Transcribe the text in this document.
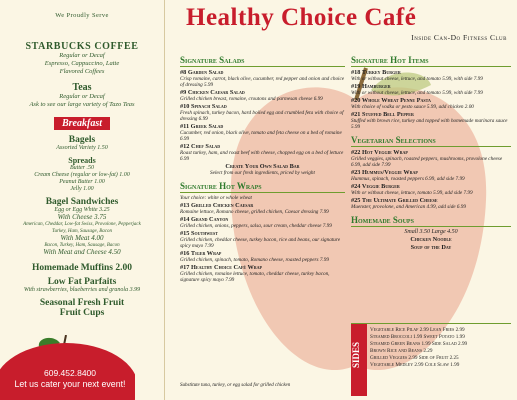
We Proudly Serve
STARBUCKS COFFEE
Regular or Decaf
Espresso, Cappuccino, Latte
Flavored Coffees
Teas
Regular or Decaf
Ask to see our large variety of Tazo Teas
Breakfast
Bagels
Assorted Variety 1.50
Spreads
Butter .50
Cream Cheese (regular or low-fat) 1.00
Peanut Butter 1.00
Jelly 1.00
Bagel Sandwiches
Egg or Egg White 3.25
With Cheese 3.75
American, Cheddar, Low-fat Swiss, Provolone, Pepperjack
Turkey, Ham, Sausage, Bacon
With Meat 4.00
Bacon, Turkey, Ham, Sausage, Bacon
With Meat and Cheese 4.50
Homemade Muffins 2.00
Low Fat Parfaits
With strawberries, blueberries and granola 3.99
Seasonal Fresh Fruit
Fruit Cups
609.452.8400
Let us cater your next event!
Healthy Choice Café
Inside Can-Do Fitness Club
Signature Salads
#8 Garden Salad
Crisp romaine, carrot, black olive, cucumber, red pepper and onion and choice of dressing 5.99
#9 Chicken Caesar Salad
Grilled chicken breast, romaine, croutons and parmesan cheese 6.99
#10 Spinach Salad
Fresh spinach, turkey bacon, hard boiled egg and crumbled feta with choice of dressing 6.99
#11 Greek Salad
Cucumber, red onion, black olive, tomato and feta cheese on a bed of romaine 6.99
#12 Chef Salad
Roast turkey, ham, and roast beef with cheese, chopped egg on a bed of lettuce 6.99
Create Your Own Salad Bar
Select from our fresh ingredients, priced by weight
Signature Hot Wraps
Your choice: white or whole wheat
#13 Grilled Chicken Caesar
Romaine lettuce, Romano cheese, grilled chicken, Caesar dressing 7.99
#14 Grand Canyon
Grilled chicken, onions, peppers, salsa, sour cream, cheddar cheese 7.99
#15 Southwest
Grilled chicken, cheddar cheese, turkey bacon, rice and beans, our signature spicy mayo 7.99
#16 Tiger Wrap
Grilled chicken, spinach, tomato, Romano cheese, roasted peppers 7.99
#17 Healthy Choice Café Wrap
Grilled chicken, romaine lettuce, tomato, cheddar cheese, turkey bacon, signature spicy mayo 7.99
Substitute tuna, turkey, or egg salad for grilled chicken
Signature Hot Items
#18 Turkey Burger
With or without cheese, lettuce, and tomato 5.99, with side 7.99
#19 Hamburger
With or without cheese, lettuce, and tomato 5.99, with side 7.99
#20 Whole Wheat Penne Pasta
With choice of vodka or pesto sauce 5.99, add chicken 2.00
#21 Stuffed Bell Pepper
Stuffed with brown rice, turkey and topped with homemade marinara sauce 5.99
Vegetarian Selections
#22 Hot Veggie Wrap
Grilled veggies, spinach, roasted peppers, mushrooms, provolone cheese 6.99, add side 7.99
#23 Hummus/Veggie Wrap
Hummus, spinach, roasted peppers 6.99, add side 7.99
#24 Veggie Burger
With or without cheese, lettuce, tomato 5.99, add side 7.99
#25 The Ultimate Grilled Cheese
Muenster, provolone, and American 4.99, add side 6.99
Homemade Soups
Small 3.50 Large 4.50
Chicken Noodle
Soup of the Day
SIDES
Vegetable Rice Pilaf 2.99 Lean Fries 2.99
Steamed Broccoli 1.99 Sweet Potato 1.99
Steamed Green Beans 1.99 Side Salad 2.99
Brown Rice and Beans 2.29
Grilled Veggies 2.99 Side of Fruit 2.25
Vegetable Medley 2.99 Cole Slaw 1.99
